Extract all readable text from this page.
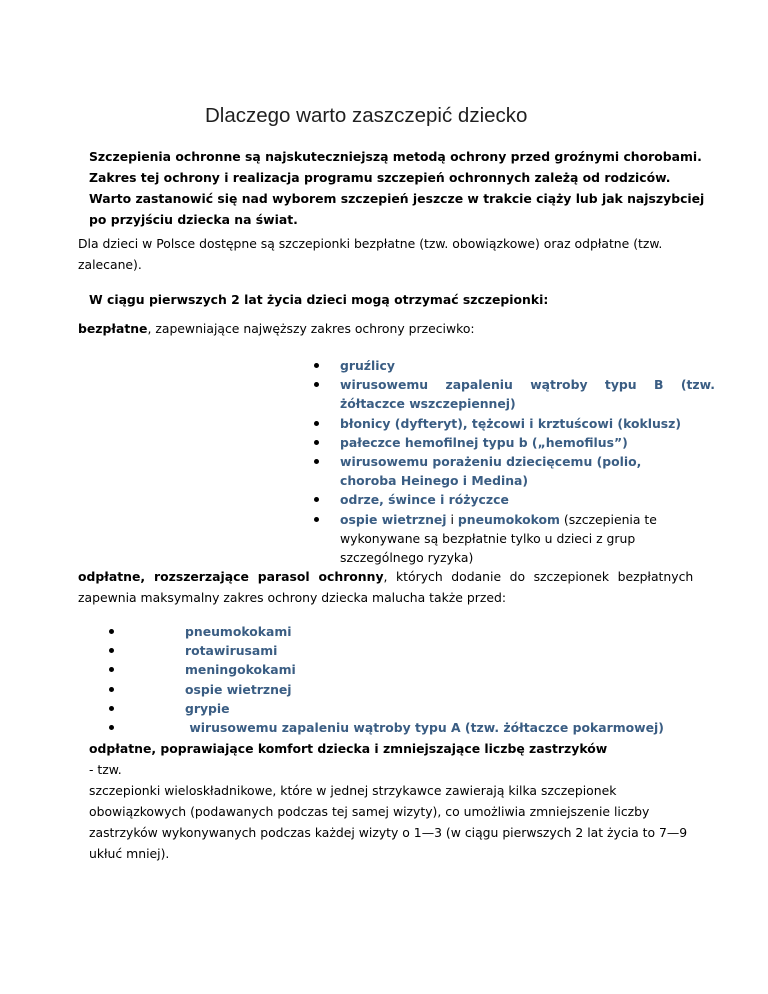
Dlaczego warto zaszczepić dziecko
Szczepienia ochronne są najskuteczniejszą metodą ochrony przed groźnymi chorobami.
Zakres tej ochrony i realizacja programu szczepień ochronnych zależą od rodziców.
Warto zastanowić się nad wyborem szczepień jeszcze w trakcie ciąży lub jak najszybciej
po przyjściu dziecka na świat.
Dla dzieci w Polsce dostępne są szczepionki bezpłatne (tzw. obowiązkowe) oraz odpłatne (tzw.
zalecane).
W ciągu pierwszych 2 lat życia dzieci mogą otrzymać szczepionki:
bezpłatne, zapewniające najwęższy zakres ochrony przeciwko:
gruźlicy
wirusowemu zapaleniu wątroby typu B (tzw.
żółtaczce wszczepiennej)
błonicy (dyfteryt), tężcowi i krztuścowi (koklusz)
pałeczce hemofilnej typu b („hemofilus”)
wirusowemu porażeniu dziecięcemu (polio,
choroba Heinego i Medina)
odrze, śwince i różyczce
ospie wietrznej i pneumokokom (szczepienia te
wykonywane są bezpłatnie tylko u dzieci z grup
szczególnego ryzyka)
odpłatne, rozszerzające parasol ochronny , których dodanie do szczepionek bezpłatnych
zapewnia maksymalny zakres ochrony dziecka malucha także przed:
pneumokokami
rotawirusami
meningokokami
ospie wietrznej
grypie
wirusowemu zapaleniu wątroby typu A (tzw. żółtaczce pokarmowej)
odpłatne, poprawiające komfort dziecka i zmniejszające liczbę zastrzyków
- tzw.
szczepionki wieloskładnikowe, które w jednej strzykawce zawierają kilka szczepionek
obowiązkowych (podawanych podczas tej samej wizyty), co umożliwia zmniejszenie liczby
zastrzyków wykonywanych podczas każdej wizyty o 1—3 (w ciągu pierwszych 2 lat życia to 7—9
ukłuć mniej).
